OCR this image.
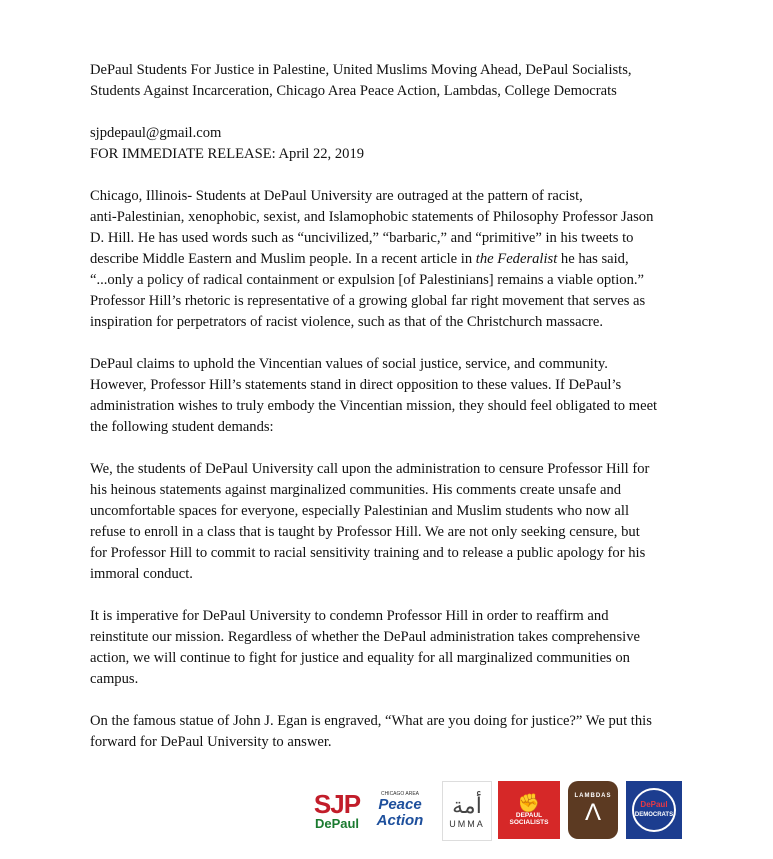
DePaul Students For Justice in Palestine, United Muslims Moving Ahead, DePaul Socialists,
Students Against Incarceration, Chicago Area Peace Action, Lambdas, College Democrats
sjpdepaul@gmail.com
FOR IMMEDIATE RELEASE: April 22, 2019
Chicago, Illinois- Students at DePaul University are outraged at the pattern of racist,
anti-Palestinian, xenophobic, sexist, and Islamophobic statements of Philosophy Professor Jason
D. Hill. He has used words such as “uncivilized,” “barbaric,” and “primitive” in his tweets to
describe Middle Eastern and Muslim people. In a recent article in the Federalist he has said,
“...only a policy of radical containment or expulsion [of Palestinians] remains a viable option.”
Professor Hill’s rhetoric is representative of a growing global far right movement that serves as
inspiration for perpetrators of racist violence, such as that of the Christchurch massacre.
DePaul claims to uphold the Vincentian values of social justice, service, and community.
However, Professor Hill’s statements stand in direct opposition to these values. If DePaul’s
administration wishes to truly embody the Vincentian mission, they should feel obligated to meet
the following student demands:
We, the students of DePaul University call upon the administration to censure Professor Hill for
his heinous statements against marginalized communities. His comments create unsafe and
uncomfortable spaces for everyone, especially Palestinian and Muslim students who now all
refuse to enroll in a class that is taught by Professor Hill. We are not only seeking censure, but
for Professor Hill to commit to racial sensitivity training and to release a public apology for his
immoral conduct.
It is imperative for DePaul University to condemn Professor Hill in order to reaffirm and
reinstitute our mission. Regardless of whether the DePaul administration takes comprehensive
action, we will continue to fight for justice and equality for all marginalized communities on
campus.
On the famous statue of John J. Egan is engraved, “What are you doing for justice?” We put this
forward for DePaul University to answer.
SJP
DePaul
CHICAGO AREA
Peace
Action
أمة
UMMA
✊
DEPAUL SOCIALISTS
LAMBDAS
Λ	DePaul
DEMOCRATS
